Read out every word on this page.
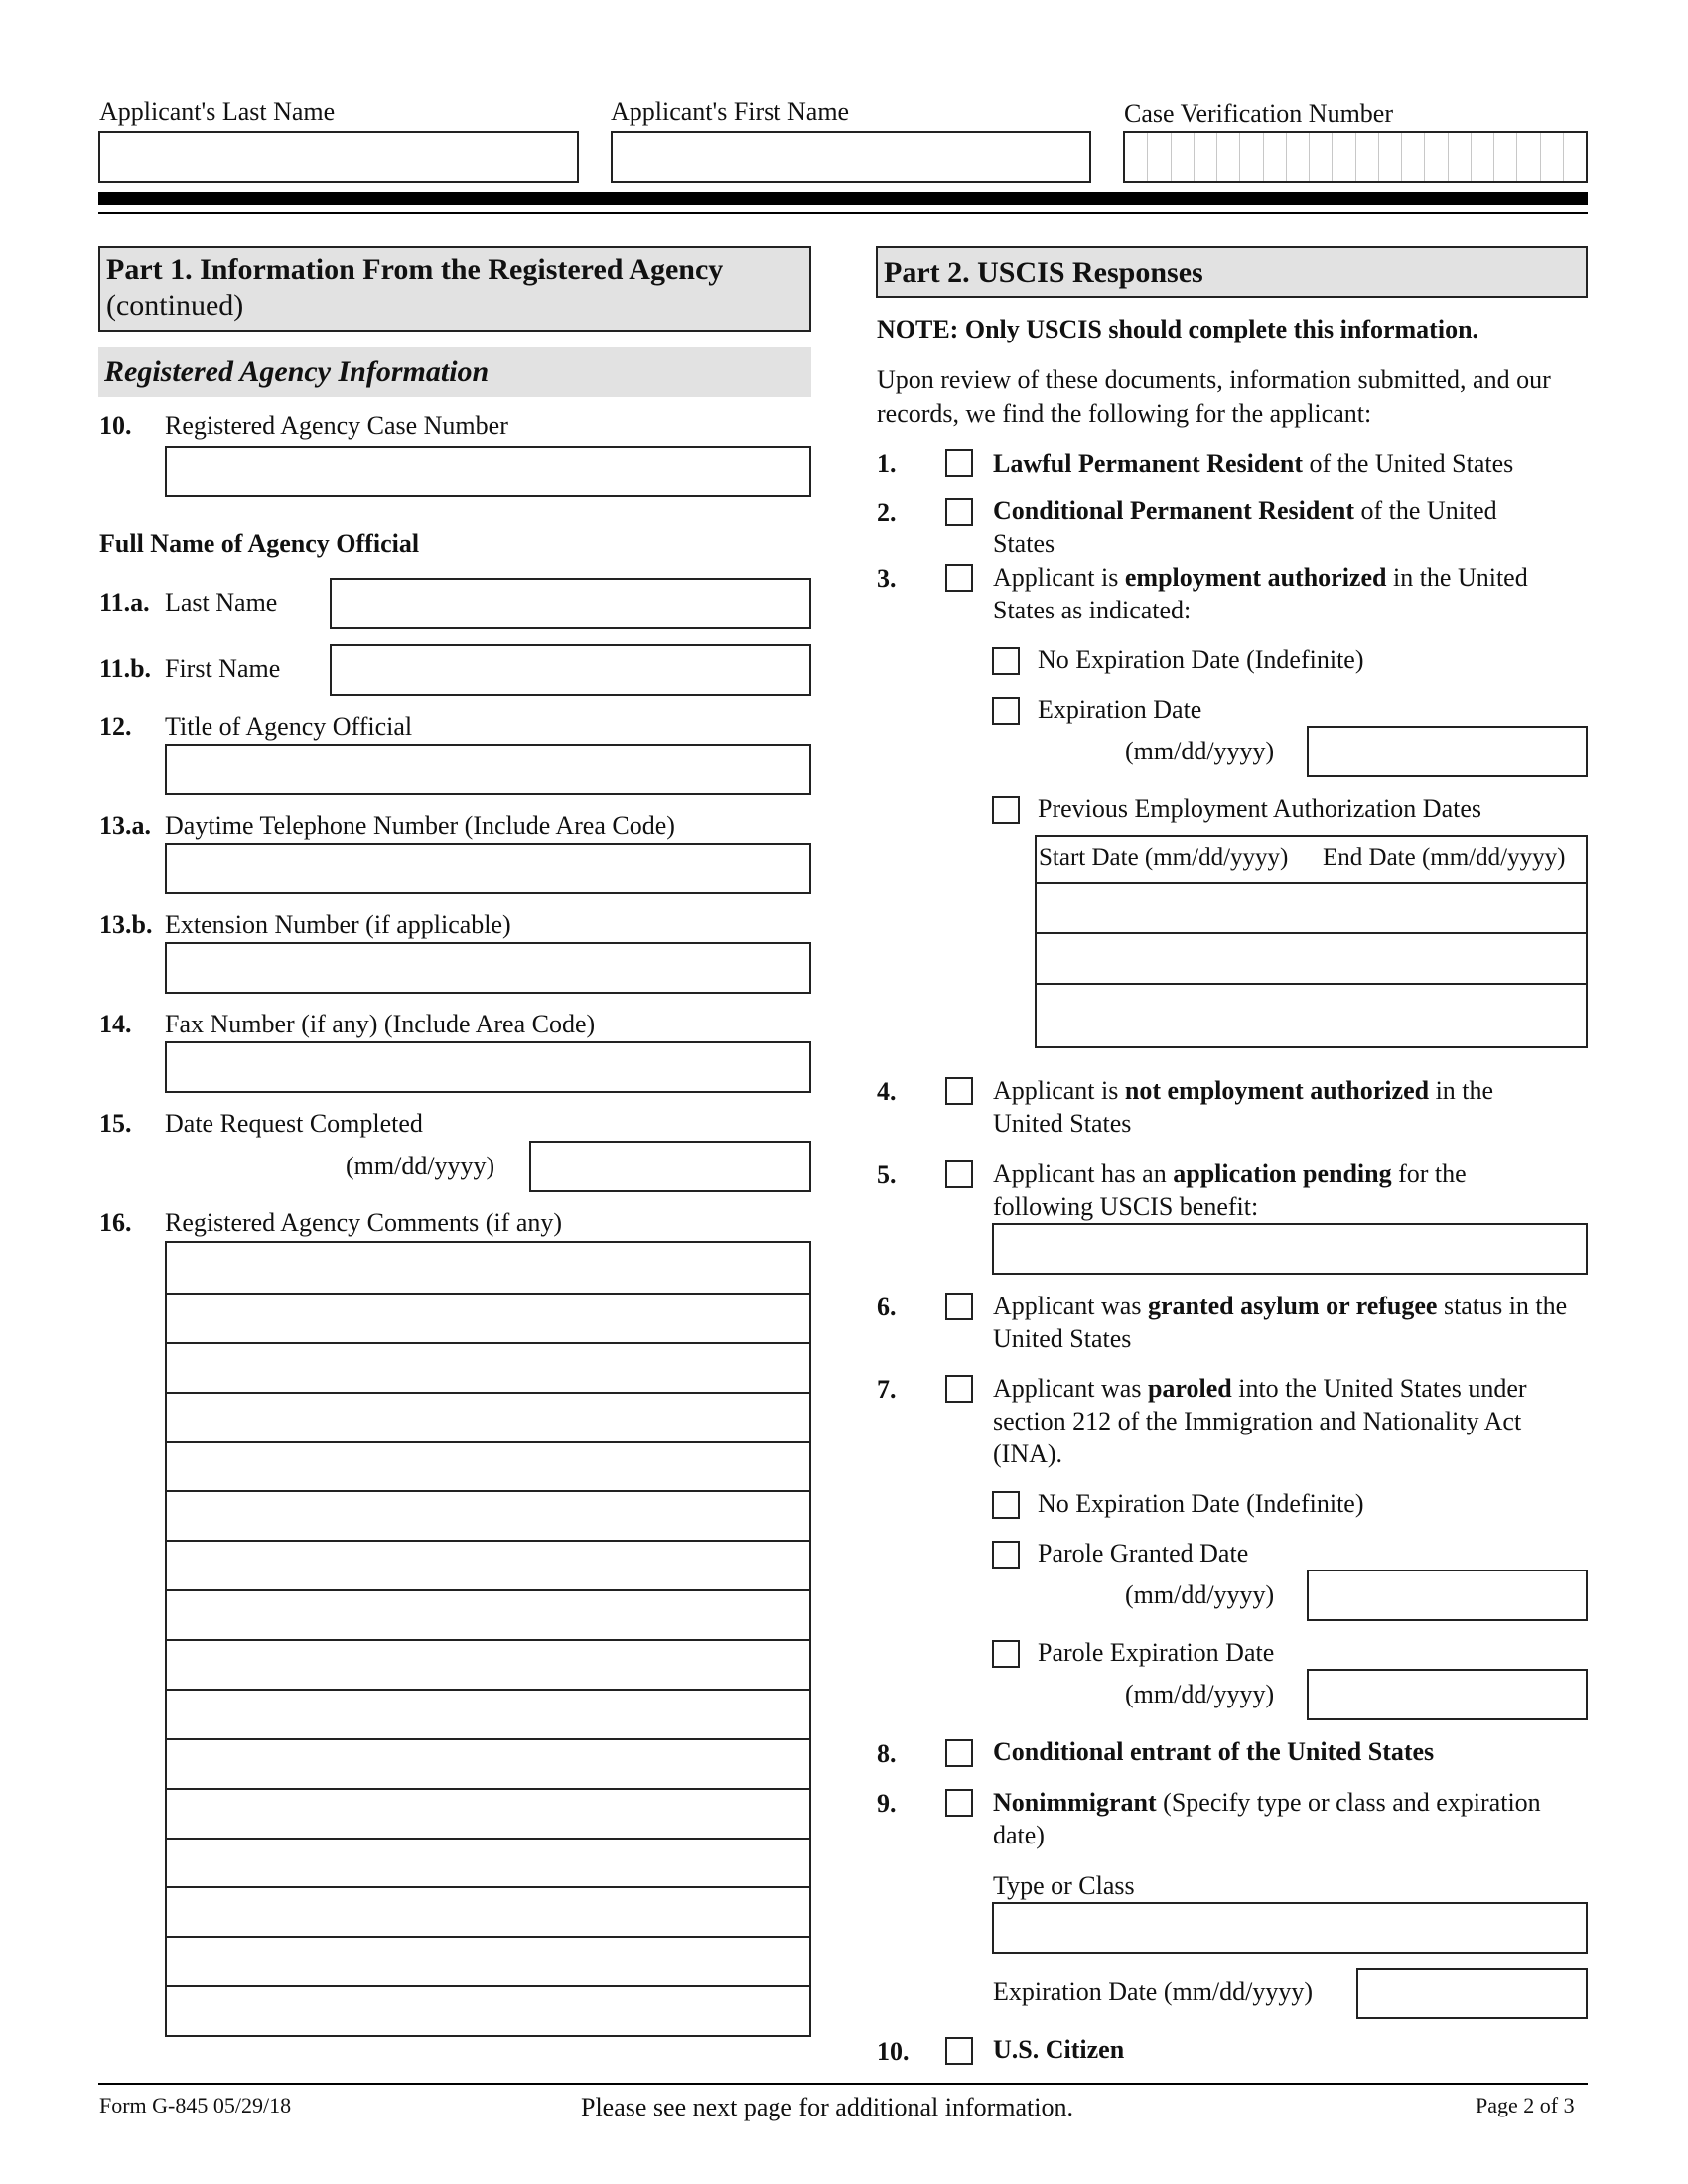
Applicant's Last Name	Applicant's First Name	Case Verification Number
Part 1. Information From the Registered Agency
(continued)
Registered Agency Information
10. Registered Agency Case Number
Full Name of Agency Official
11.a. Last Name
11.b. First Name
12. Title of Agency Official
13.a. Daytime Telephone Number (Include Area Code)
13.b. Extension Number (if applicable)
14. Fax Number (if any) (Include Area Code)
15. Date Request Completed
(mm/dd/yyyy)
16. Registered Agency Comments (if any)
Part 2. USCIS Responses
NOTE: Only USCIS should complete this information.
Upon review of these documents, information submitted, and our records, we find the following for the applicant:
1.	Lawful Permanent Resident of the United States
2.	Conditional Permanent Resident of the United States
3.	Applicant is employment authorized in the United States as indicated:
No Expiration Date (Indefinite)
Expiration Date
(mm/dd/yyyy)
Previous Employment Authorization Dates
Start Date (mm/dd/yyyy) End Date (mm/dd/yyyy)
4.	Applicant is not employment authorized in the United States
5.	Applicant has an application pending for the following USCIS benefit:
6.	Applicant was granted asylum or refugee status in the United States
7.	Applicant was paroled into the United States under section 212 of the Immigration and Nationality Act (INA).
No Expiration Date (Indefinite)
Parole Granted Date
(mm/dd/yyyy)
Parole Expiration Date
(mm/dd/yyyy)
8.	Conditional entrant of the United States
9.	Nonimmigrant (Specify type or class and expiration date)
Type or Class
Expiration Date (mm/dd/yyyy)
10.	U.S. Citizen
Form G-845 05/29/18	Please see next page for additional information.	Page 2 of 3
